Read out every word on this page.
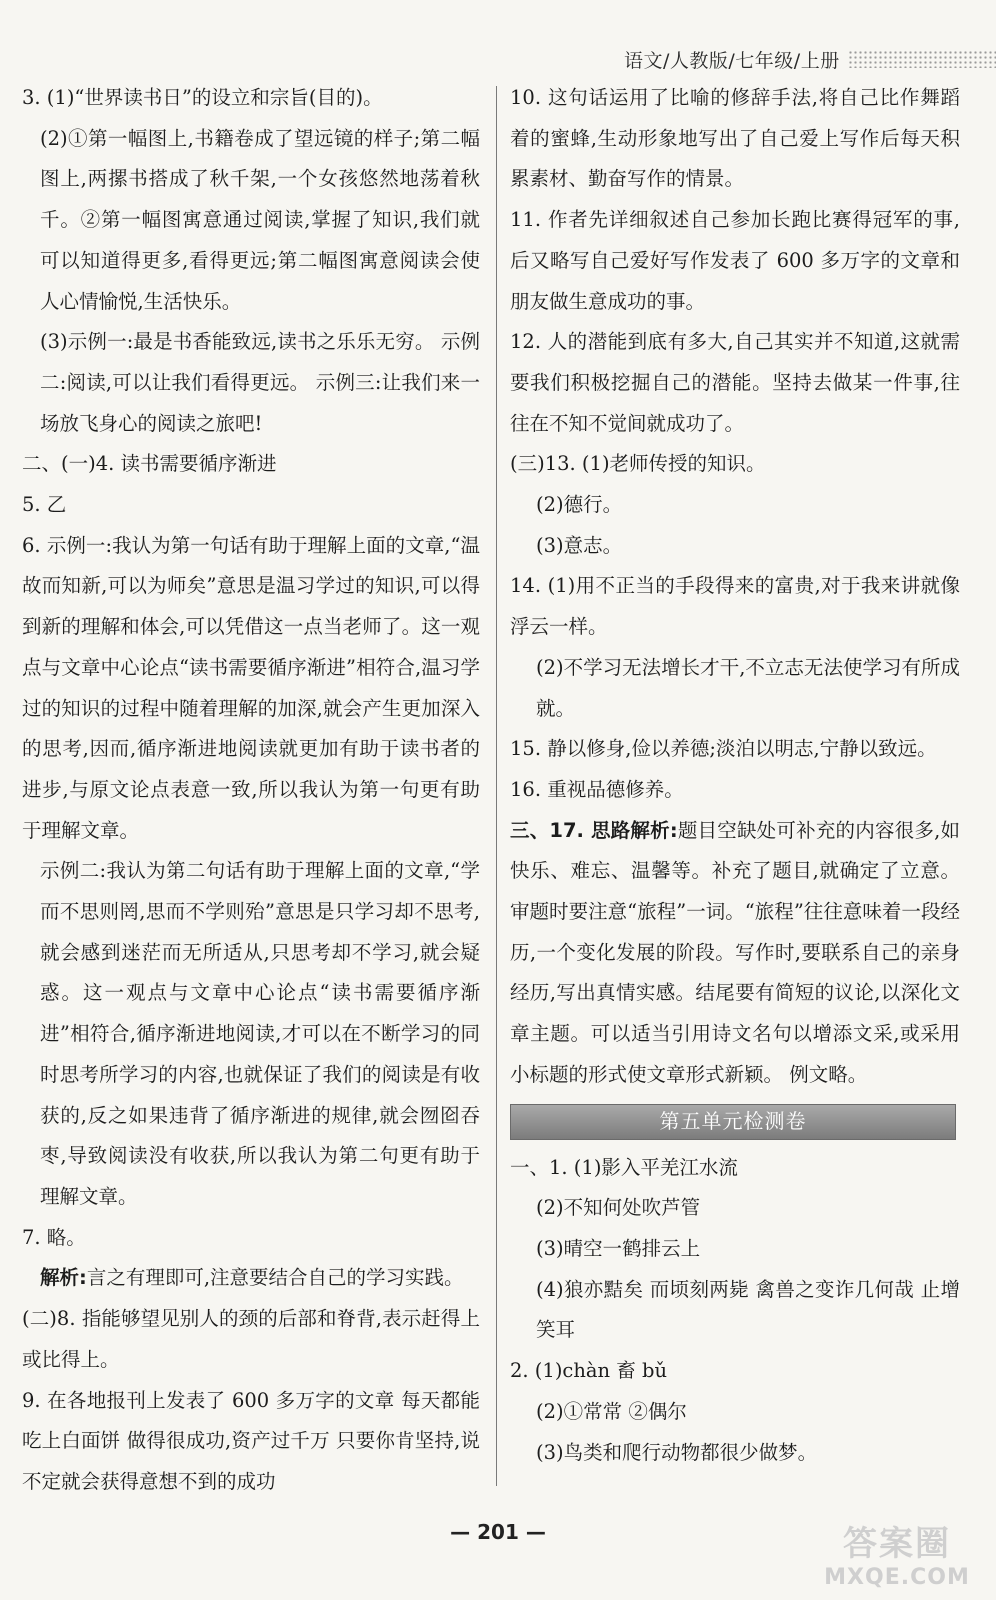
语文/人教版/七年级/上册

3. (1)“世界读书日”的设立和宗旨(目的)。

(2)①第一幅图上,书籍卷成了望远镜的样子;第二幅图上,两摞书搭成了秋千架,一个女孩悠然地荡着秋千。②第一幅图寓意通过阅读,掌握了知识,我们就可以知道得更多,看得更远;第二幅图寓意阅读会使人心情愉悦,生活快乐。

(3)示例一:最是书香能致远,读书之乐乐无穷。 示例二:阅读,可以让我们看得更远。 示例三:让我们来一场放飞身心的阅读之旅吧!

二、(一)4. 读书需要循序渐进

5. 乙

6. 示例一:我认为第一句话有助于理解上面的文章,“温故而知新,可以为师矣”意思是温习学过的知识,可以得到新的理解和体会,可以凭借这一点当老师了。这一观点与文章中心论点“读书需要循序渐进”相符合,温习学过的知识的过程中随着理解的加深,就会产生更加深入的思考,因而,循序渐进地阅读就更加有助于读书者的进步,与原文论点表意一致,所以我认为第一句更有助于理解文章。

示例二:我认为第二句话有助于理解上面的文章,“学而不思则罔,思而不学则殆”意思是只学习却不思考,就会感到迷茫而无所适从,只思考却不学习,就会疑惑。这一观点与文章中心论点“读书需要循序渐进”相符合,循序渐进地阅读,才可以在不断学习的同时思考所学习的内容,也就保证了我们的阅读是有收获的,反之如果违背了循序渐进的规律,就会囫囵吞枣,导致阅读没有收获,所以我认为第二句更有助于理解文章。

7. 略。

解析:言之有理即可,注意要结合自己的学习实践。

(二)8. 指能够望见别人的颈的后部和脊背,表示赶得上或比得上。

9. 在各地报刊上发表了 600 多万字的文章 每天都能吃上白面饼 做得很成功,资产过千万 只要你肯坚持,说不定就会获得意想不到的成功

10. 这句话运用了比喻的修辞手法,将自己比作舞蹈着的蜜蜂,生动形象地写出了自己爱上写作后每天积累素材、勤奋写作的情景。

11. 作者先详细叙述自己参加长跑比赛得冠军的事,后又略写自己爱好写作发表了 600 多万字的文章和朋友做生意成功的事。

12. 人的潜能到底有多大,自己其实并不知道,这就需要我们积极挖掘自己的潜能。坚持去做某一件事,往往在不知不觉间就成功了。

(三)13. (1)老师传授的知识。

(2)德行。

(3)意志。

14. (1)用不正当的手段得来的富贵,对于我来讲就像浮云一样。

(2)不学习无法增长才干,不立志无法使学习有所成就。

15. 静以修身,俭以养德;淡泊以明志,宁静以致远。

16. 重视品德修养。

三、17. 思路解析:题目空缺处可补充的内容很多,如快乐、难忘、温馨等。补充了题目,就确定了立意。审题时要注意“旅程”一词。“旅程”往往意味着一段经历,一个变化发展的阶段。写作时,要联系自己的亲身经历,写出真情实感。结尾要有简短的议论,以深化文章主题。可以适当引用诗文名句以增添文采,或采用小标题的形式使文章形式新颖。 例文略。

第五单元检测卷

一、1. (1)影入平羌江水流

(2)不知何处吹芦管

(3)晴空一鹤排云上

(4)狼亦黠矣 而顷刻两毙 禽兽之变诈几何哉 止增笑耳

2. (1)chàn 畜 bǔ

(2)①常常 ②偶尔

(3)鸟类和爬行动物都很少做梦。

— 201 —	答案圈
MXQE.COM
